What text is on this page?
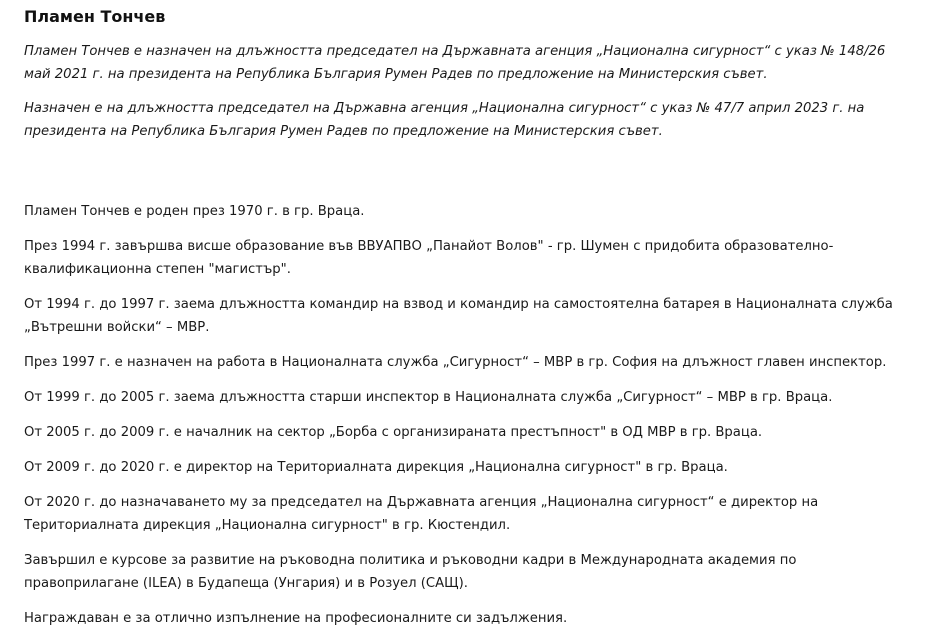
Пламен Тончев

Пламен Тончев е назначен на длъжността председател на Държавната агенция „Национална сигурност“ с указ № 148/26 май 2021 г. на президента на Република България Румен Радев по предложение на Министерския съвет.

Назначен е на длъжността председател на Държавна агенция „Национална сигурност“ с указ № 47/7 април 2023 г. на президента на Република България Румен Радев по предложение на Министерския съвет.

Пламен Тончев е роден през 1970 г. в гр. Враца.

През 1994 г. завършва висше образование във ВВУАПВО „Панайот Волов" - гр. Шумен с придобита образователно-квалификационна степен "магистър".

От 1994 г. до 1997 г. заема длъжността командир на взвод и командир на самостоятелна батарея в Националната служба „Вътрешни войски“ – МВР.

През 1997 г. е назначен на работа в Националната служба „Сигурност“ – МВР в гр. София на длъжност главен инспектор.

От 1999 г. до 2005 г. заема длъжността старши инспектор в Националната служба „Сигурност“ – МВР в гр. Враца.

От 2005 г. до 2009 г. е началник на сектор „Борба с организираната престъпност" в ОД МВР в гр. Враца.

От 2009 г. до 2020 г. е директор на Териториалната дирекция „Национална сигурност" в гр. Враца.

От 2020 г. до назначаването му за председател на Държавната агенция „Национална сигурност“ е директор на Териториалната дирекция „Национална сигурност" в гр. Кюстендил.

Завършил е курсове за развитие на ръководна политика и ръководни кадри в Международната академия по правоприлагане (ILEA) в Будапеща (Унгария) и в Розуел (САЩ).

Награждаван е за отлично изпълнение на професионалните си задължения.
